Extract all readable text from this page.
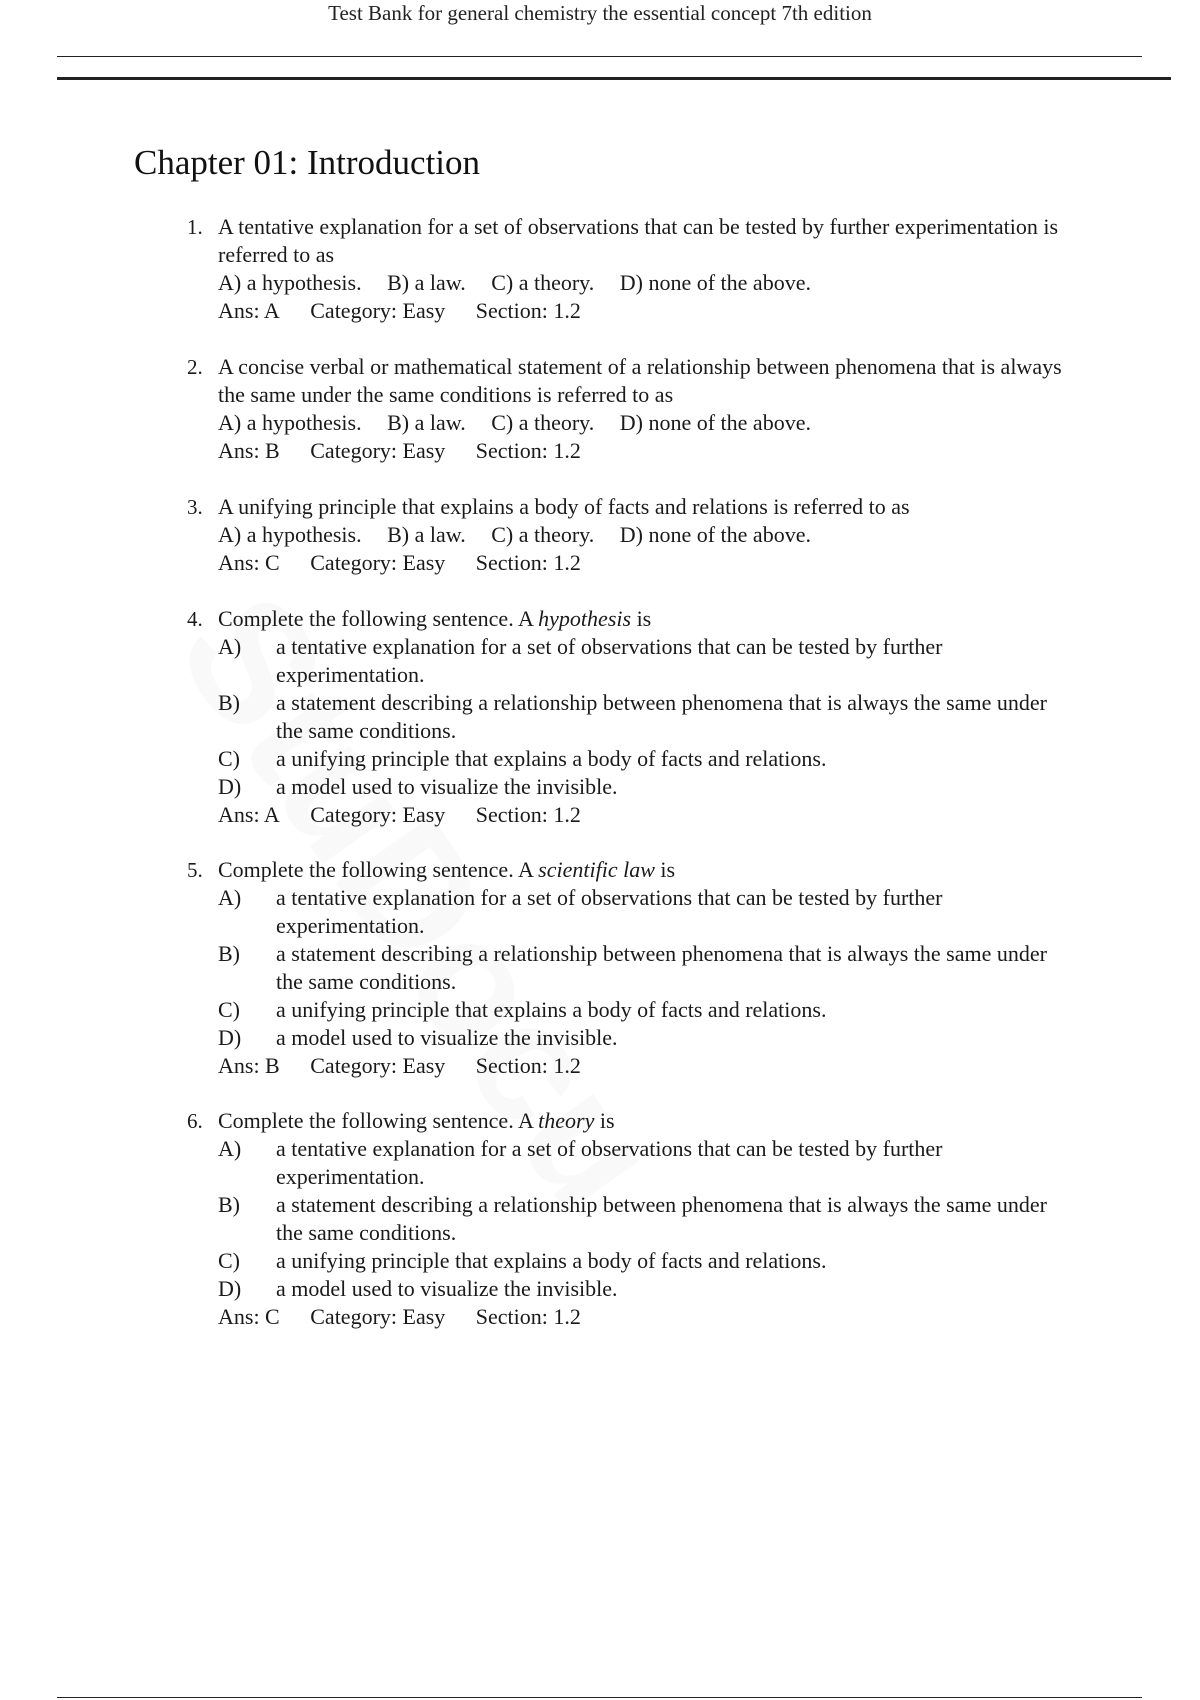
Test Bank for general chemistry the essential concept 7th edition
Chapter 01: Introduction
1. A tentative explanation for a set of observations that can be tested by further experimentation is referred to as
A) a hypothesis. B) a law. C) a theory. D) none of the above.
Ans: A Category: Easy Section: 1.2
2. A concise verbal or mathematical statement of a relationship between phenomena that is always the same under the same conditions is referred to as
A) a hypothesis. B) a law. C) a theory. D) none of the above.
Ans: B Category: Easy Section: 1.2
3. A unifying principle that explains a body of facts and relations is referred to as
A) a hypothesis. B) a law. C) a theory. D) none of the above.
Ans: C Category: Easy Section: 1.2
4. Complete the following sentence. A hypothesis is
A) a tentative explanation for a set of observations that can be tested by further experimentation.
B) a statement describing a relationship between phenomena that is always the same under the same conditions.
C) a unifying principle that explains a body of facts and relations.
D) a model used to visualize the invisible.
Ans: A Category: Easy Section: 1.2
5. Complete the following sentence. A scientific law is
A) a tentative explanation for a set of observations that can be tested by further experimentation.
B) a statement describing a relationship between phenomena that is always the same under the same conditions.
C) a unifying principle that explains a body of facts and relations.
D) a model used to visualize the invisible.
Ans: B Category: Easy Section: 1.2
6. Complete the following sentence. A theory is
A) a tentative explanation for a set of observations that can be tested by further experimentation.
B) a statement describing a relationship between phenomena that is always the same under the same conditions.
C) a unifying principle that explains a body of facts and relations.
D) a model used to visualize the invisible.
Ans: C Category: Easy Section: 1.2
